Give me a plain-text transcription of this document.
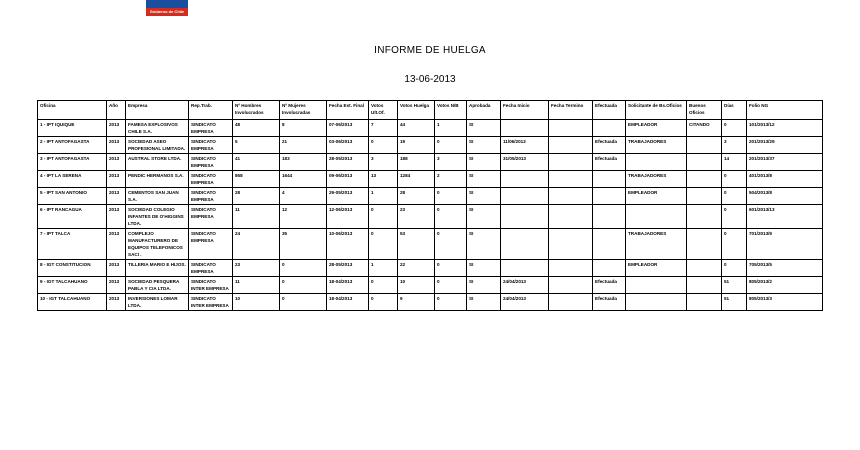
Gobierno de Chile
INFORME DE HUELGA
13-06-2013
Oficina	Año	Empresa	Rep.Trab.	Nº Hombres Involucrados	Nº Mujeres Involucradas	Fecha Est. Final	Votos Ult.Of.	Votos Huelga	Votos N/B	Aprobada	Fecha Inicio	Fecha Termino	Efectuada	Solicitante de Bs.Oficios	Buenos Oficios	Días	Folio NG
1 - IPT IQUIQUE	2013	FAMESA EXPLOSIVOS CHILE S.A.	SINDICATO EMPRESA	48	8	07-06/2013	7	44	1	SI				EMPLEADOR	CITANDO	0	101/2013/12
2 - IPT ANTOFAGASTA	2013	SOCIEDAD ASEO PROFESIONAL LIMITADA.	SINDICATO EMPRESA	5	21	03-06/2013	0	19	0	SI	11/06/2013		Efectuada	TRABAJADORES		3	201/2013/29
3 - IPT ANTOFAGASTA	2013	AUSTRAL STORE LTDA.	SINDICATO EMPRESA	41	183	28-05/2013	3	188	3	SI	31/05/2013		Efectuada			14	201/2013/37
4 - IPT LA SERENA	2013	PENDIC HERMANOS S.A.	SINDICATO EMPRESA	868	1644	09-06/2013	13	1284	2	SI				TRABAJADORES		0	401/2013/8
5 - IPT SAN ANTONIO	2013	CEMENTOS SAN JUAN S.A.	SINDICATO EMPRESA	28	4	29-05/2013	1	28	0	SI				EMPLEADOR		0	504/2013/8
6 - IPT RANCAGUA	2013	SOCIEDAD COLEGIO INFANTES DE O'HIGGINS LTDA.	SINDICATO EMPRESA	11	12	12-06/2013	0	23	0	SI						0	601/2013/13
7 - IPT TALCA	2013	COMPLEJO MANUFACTURERO DE EQUIPOS TELEFONICOS SACI .	SINDICATO EMPRESA	24	35	10-06/2013	0	53	0	SI				TRABAJADORES		0	701/2013/9
8 - IGT CONSTITUCION	2013	TILLERIA MARIO E HIJOS.	SINDICATO EMPRESA	23	0	28-05/2013	1	22	0	SI				EMPLEADOR		0	705/2013/5
9 - IGT TALCAHUANO	2013	SOCIEDAD PESQUERA PABLA Y CIA LTDA.	SINDICATO INTER EMPRESA	11	0	18-04/2013	0	10	0	SI	24/04/2013		Efectuada			51	805/2013/2
10 - IGT TALCAHUANO	2013	INVERSIONES LOMAR LTDA.	SINDICATO INTER EMPRESA	10	0	18-04/2013	0	9	0	SI	24/04/2013		Efectuada			51	805/2013/3
